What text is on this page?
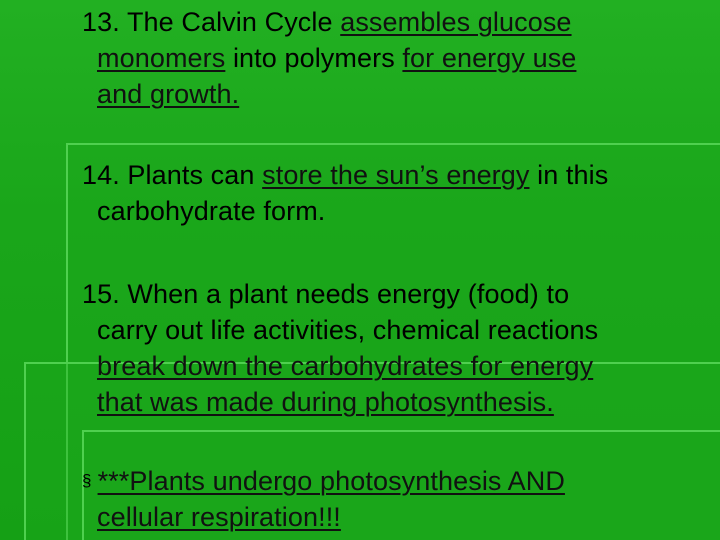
13. The Calvin Cycle assembles glucose
monomers into polymers for energy use
and growth.
14. Plants can store the sun’s energy in this
carbohydrate form.
15. When a plant needs energy (food) to
carry out life activities, chemical reactions
break down the carbohydrates for energy
that was made during photosynthesis.
§ ***Plants undergo photosynthesis AND
cellular respiration!!!
